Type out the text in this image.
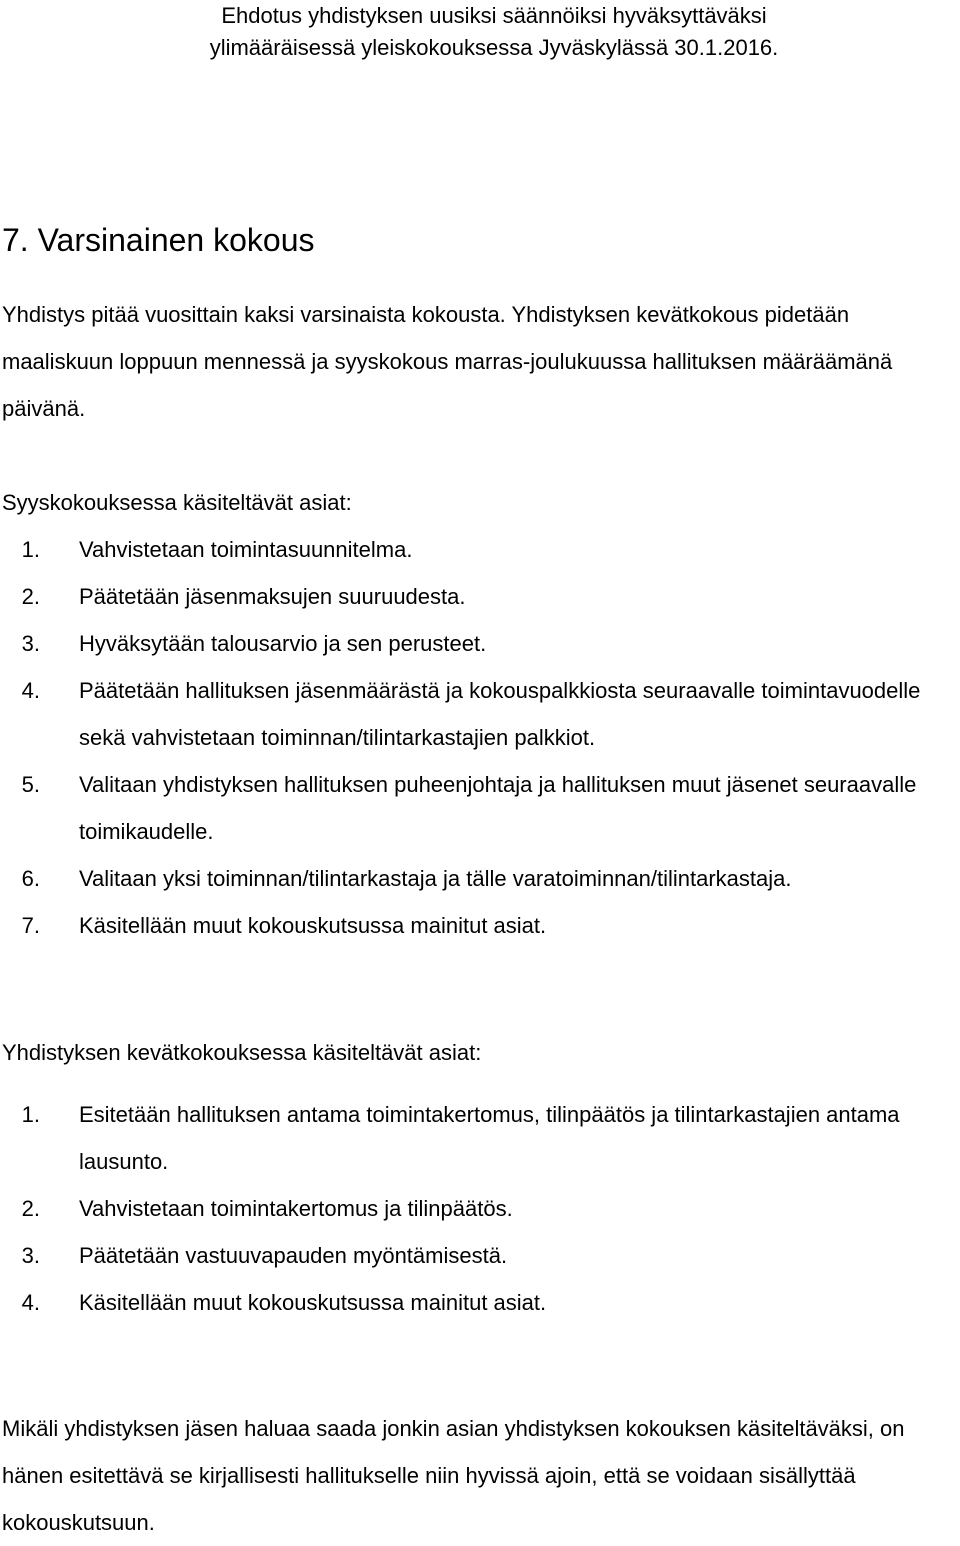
Ehdotus yhdistyksen uusiksi säännöiksi hyväksyttäväksi
ylimääräisessä yleiskokouksessa Jyväskylässä 30.1.2016.
7. Varsinainen kokous

Yhdistys pitää vuosittain kaksi varsinaista kokousta. Yhdistyksen kevätkokous pidetään maaliskuun loppuun mennessä ja syyskokous marras-joulukuussa hallituksen määräämänä päivänä.

Syyskokouksessa käsiteltävät asiat:

1.	Vahvistetaan toimintasuunnitelma.
2.	Päätetään jäsenmaksujen suuruudesta.
3.	Hyväksytään talousarvio ja sen perusteet.
4.	Päätetään hallituksen jäsenmäärästä ja kokouspalkkiosta seuraavalle toimintavuodelle sekä vahvistetaan toiminnan/tilintarkastajien palkkiot.
5.	Valitaan yhdistyksen hallituksen puheenjohtaja ja hallituksen muut jäsenet seuraavalle toimikaudelle.
6.	Valitaan yksi toiminnan/tilintarkastaja ja tälle varatoiminnan/tilintarkastaja.
7.	Käsitellään muut kokouskutsussa mainitut asiat.

Yhdistyksen kevätkokouksessa käsiteltävät asiat:

1.	Esitetään hallituksen antama toimintakertomus, tilinpäätös ja tilintarkastajien antama lausunto.
2.	Vahvistetaan toimintakertomus ja tilinpäätös.
3.	Päätetään vastuuvapauden myöntämisestä.
4.	Käsitellään muut kokouskutsussa mainitut asiat.

Mikäli yhdistyksen jäsen haluaa saada jonkin asian yhdistyksen kokouksen käsiteltäväksi, on hänen esitettävä se kirjallisesti hallitukselle niin hyvissä ajoin, että se voidaan sisällyttää kokouskutsuun.
